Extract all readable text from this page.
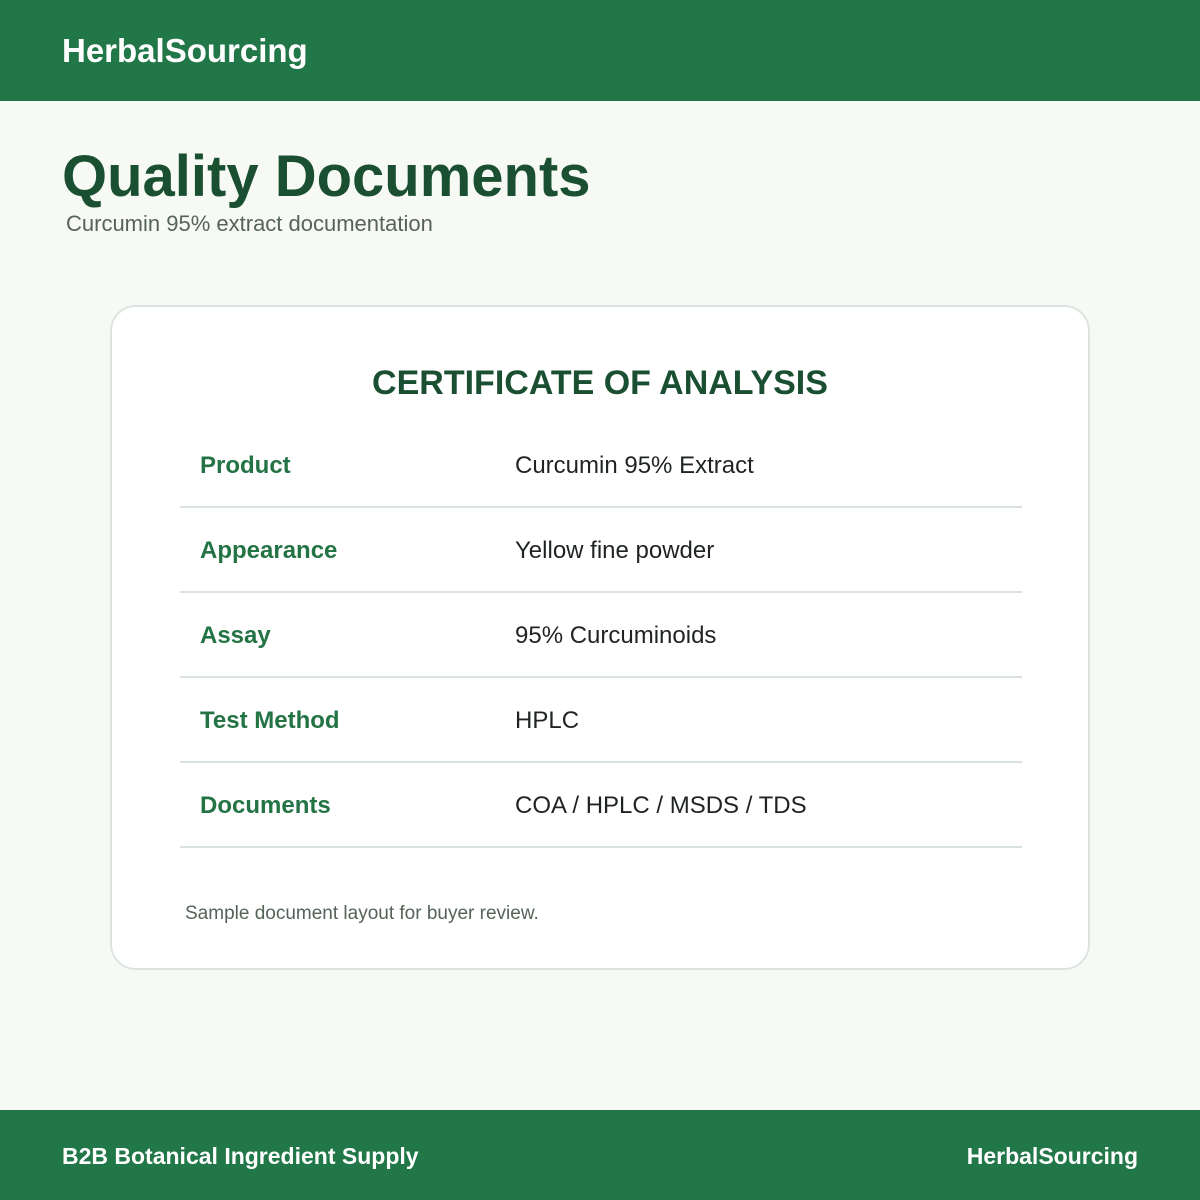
HerbalSourcing
Quality Documents
Curcumin 95% extract documentation
CERTIFICATE OF ANALYSIS
Product	Curcumin 95% Extract
Appearance	Yellow fine powder
Assay	95% Curcuminoids
Test Method	HPLC
Documents	COA / HPLC / MSDS / TDS

Sample document layout for buyer review.

B2B Botanical Ingredient Supply	HerbalSourcing
